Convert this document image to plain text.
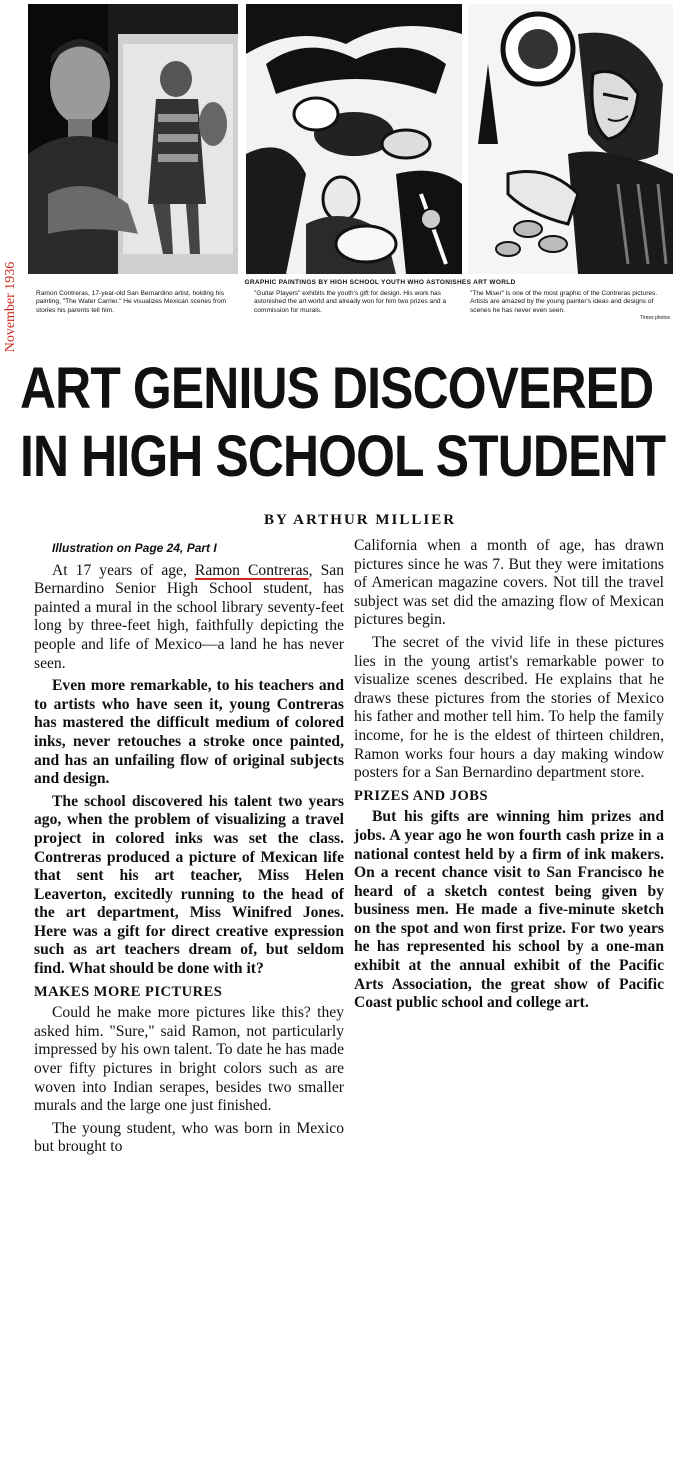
November 1936	GRAPHIC PAINTINGS BY HIGH SCHOOL YOUTH WHO ASTONISHES ART WORLD
Ramon Contreras, 17-year-old San Bernardino artist, holding his painting, "The Water Carrier." He visualizes Mexican scenes from stories his parents tell him.
"Guitar Players" exhibits the youth's gift for design. His work has astonished the art world and already won for him two prizes and a commission for murals.
"The Miser" is one of the most graphic of the Contreras pictures. Artists are amazed by the young painter's ideas and designs of scenes he has never even seen.
Times photos
ART GENIUS DISCOVERED
IN HIGH SCHOOL STUDENT
BY ARTHUR MILLIER
Illustration on Page 24, Part I

At 17 years of age, Ramon Contreras, San Bernardino Senior High School student, has painted a mural in the school library seventy-feet long by three-feet high, faithfully depicting the people and life of Mexico—a land he has never seen.

Even more remarkable, to his teachers and to artists who have seen it, young Contreras has mastered the difficult medium of colored inks, never retouches a stroke once painted, and has an unfailing flow of original subjects and design.

The school discovered his talent two years ago, when the problem of visualizing a travel project in colored inks was set the class. Contreras produced a picture of Mexican life that sent his art teacher, Miss Helen Leaverton, excitedly running to the head of the art department, Miss Winifred Jones. Here was a gift for direct creative expression such as art teachers dream of, but seldom find. What should be done with it?

MAKES MORE PICTURES

Could he make more pictures like this? they asked him. "Sure," said Ramon, not particularly impressed by his own talent. To date he has made over fifty pictures in bright colors such as are woven into Indian serapes, besides two smaller murals and the large one just finished.

The young student, who was born in Mexico but brought to

California when a month of age, has drawn pictures since he was 7. But they were imitations of American magazine covers. Not till the travel subject was set did the amazing flow of Mexican pictures begin.

The secret of the vivid life in these pictures lies in the young artist's remarkable power to visualize scenes described. He explains that he draws these pictures from the stories of Mexico his father and mother tell him. To help the family income, for he is the eldest of thirteen children, Ramon works four hours a day making window posters for a San Bernardino department store.

PRIZES AND JOBS

But his gifts are winning him prizes and jobs. A year ago he won fourth cash prize in a national contest held by a firm of ink makers. On a recent chance visit to San Francisco he heard of a sketch contest being given by business men. He made a five-minute sketch on the spot and won first prize. For two years he has represented his school by a one-man exhibit at the annual exhibit of the Pacific Arts Association, the great show of Pacific Coast public school and college art.
